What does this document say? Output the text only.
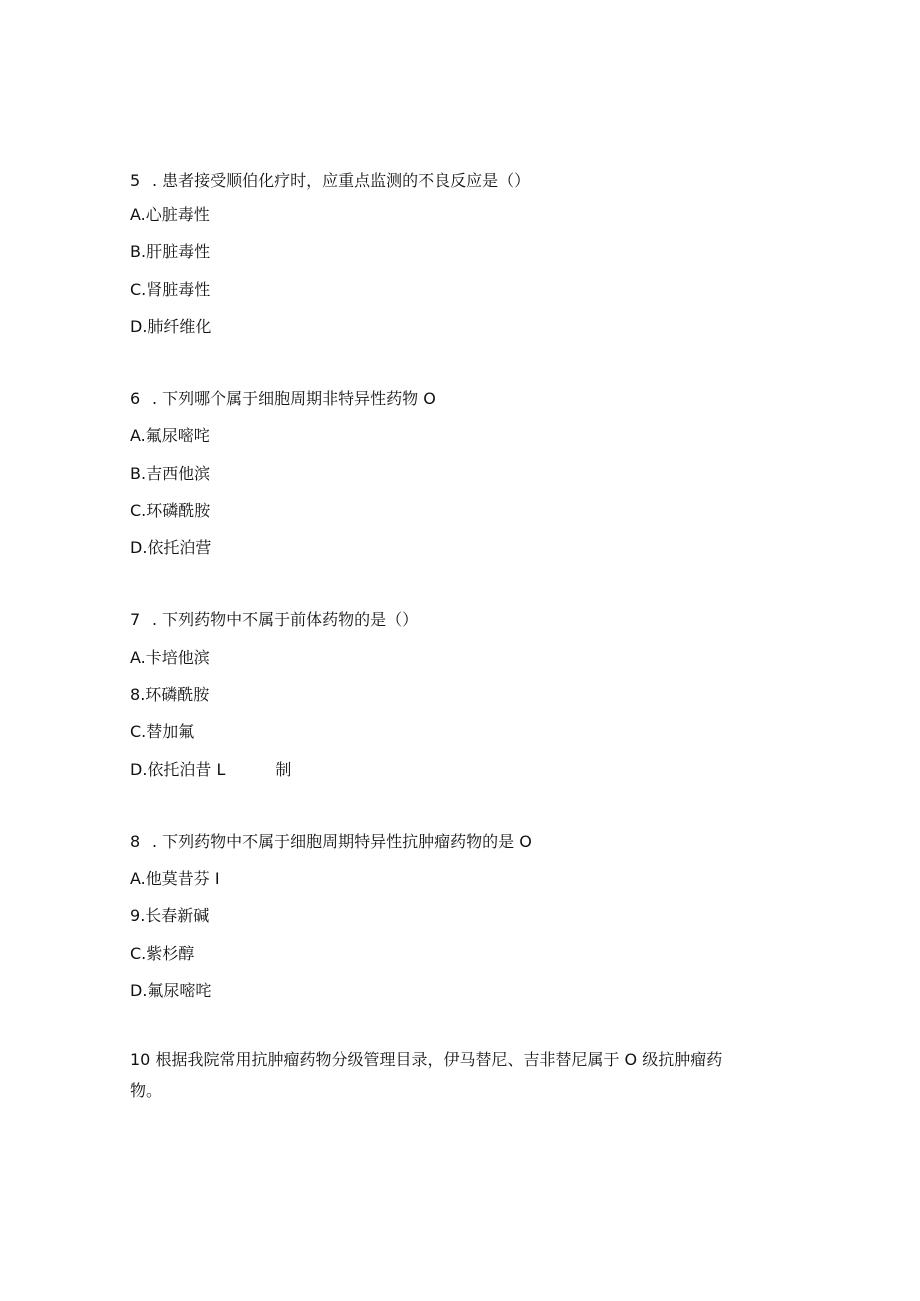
5 . 患者接受顺伯化疗时，应重点监测的不良反应是（）
A.心脏毒性
B.肝脏毒性
C.肾脏毒性
D.肺纤维化
6 . 下列哪个属于细胞周期非特异性药物 O
A.氟尿嘧咤
B.吉西他滨
C.环磷酰胺
D.依托泊营
7 . 下列药物中不属于前体药物的是（）
A.卡培他滨
8.环磷酰胺
C.替加氟
D.依托泊昔 L	制
8 . 下列药物中不属于细胞周期特异性抗肿瘤药物的是 O
A.他莫昔芬 I
9.长春新碱
C.紫杉醇
D.氟尿嘧咤
10 根据我院常用抗肿瘤药物分级管理目录，伊马替尼、吉非替尼属于 O 级抗肿瘤药
物。
